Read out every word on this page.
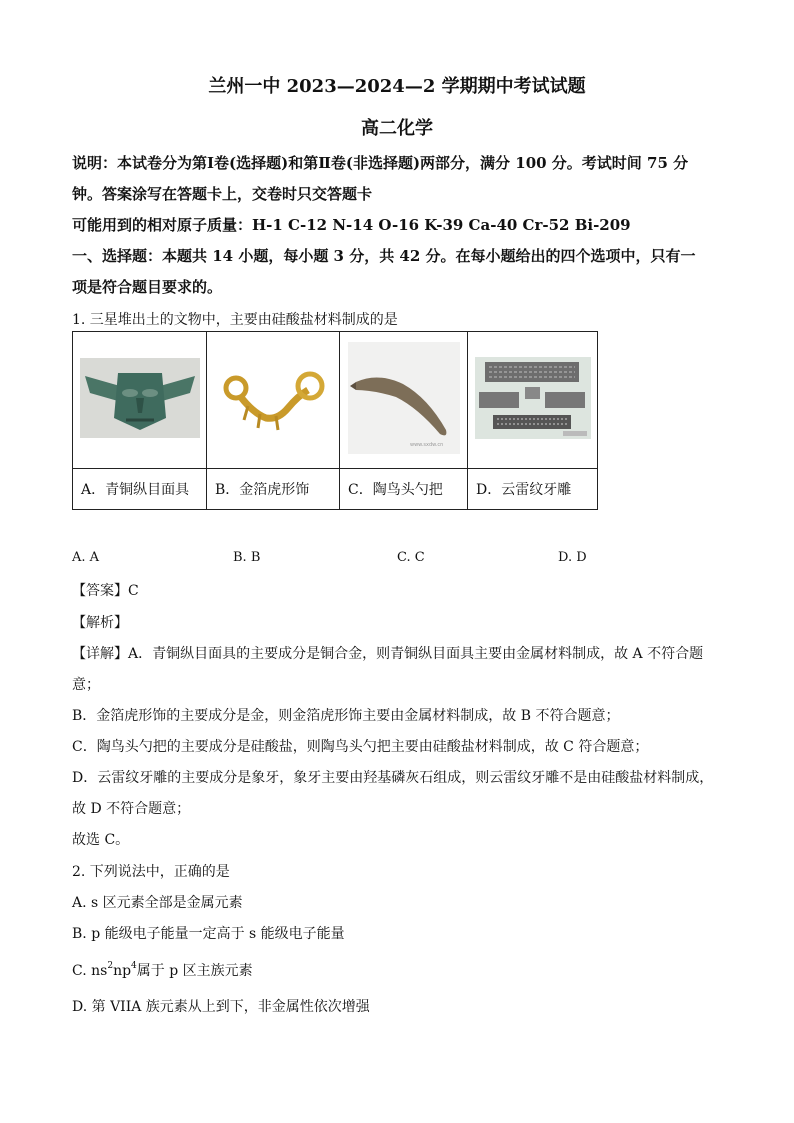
兰州一中 2023—2024—2 学期期中考试试题
高二化学
说明：本试卷分为第Ⅰ卷(选择题)和第Ⅱ卷(非选择题)两部分，满分 100 分。考试时间 75 分
钟。答案涂写在答题卡上，交卷时只交答题卡
可能用到的相对原子质量：H-1 C-12 N-14 O-16 K-39 Ca-40 Cr-52 Bi-209
一、选择题：本题共 14 小题，每小题 3 分，共 42 分。在每小题给出的四个选项中，只有一
项是符合题目要求的。
1. 三星堆出土的文物中，主要由硅酸盐材料制成的是

www.sxdw.cn

A．青铜纵目面具	B．金箔虎形饰	C．陶鸟头勺把	D．云雷纹牙雕
A. A	B. B	C. C	D. D
【答案】C
【解析】
【详解】A．青铜纵目面具的主要成分是铜合金，则青铜纵目面具主要由金属材料制成，故 A 不符合题
意；
B．金箔虎形饰的主要成分是金，则金箔虎形饰主要由金属材料制成，故 B 不符合题意；
C．陶鸟头勺把的主要成分是硅酸盐，则陶鸟头勺把主要由硅酸盐材料制成，故 C 符合题意；
D．云雷纹牙雕的主要成分是象牙，象牙主要由羟基磷灰石组成，则云雷纹牙雕不是由硅酸盐材料制成，
故 D 不符合题意；
故选 C。
2. 下列说法中，正确的是
A. s 区元素全部是金属元素
B. p 能级电子能量一定高于 s 能级电子能量
C. $ns^2np^4$属于 p 区主族元素
D. 第 VIIA 族元素从上到下，非金属性依次增强
